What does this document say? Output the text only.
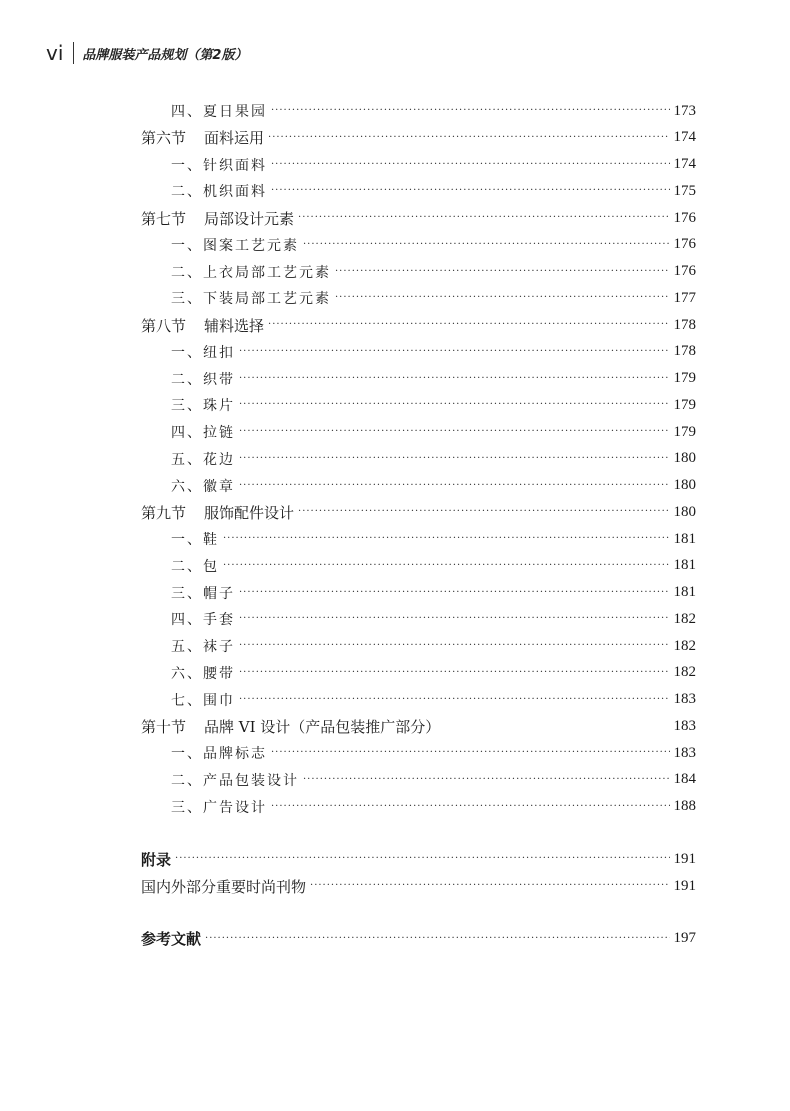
vi 品牌服装产品规划（第2版）
四、夏日果园 ·····	173
第六节 面料运用 ·····	174
一、针织面料 ·····	174
二、机织面料 ·····	175
第七节 局部设计元素 ·····	176
一、图案工艺元素 ·····	176
二、上衣局部工艺元素 ·····	176
三、下装局部工艺元素 ·····	177
第八节 辅料选择 ·····	178
一、纽扣 ·····	178
二、织带 ·····	179
三、珠片 ·····	179
四、拉链 ·····	179
五、花边 ·····	180
六、徽章 ·····	180
第九节 服饰配件设计 ·····	180
一、鞋 ·····	181
二、包 ·····	181
三、帽子 ·····	181
四、手套 ·····	182
五、袜子 ·····	182
六、腰带 ·····	182
七、围巾 ·····	183
第十节 品牌 VI 设计（产品包装推广部分）	183
一、品牌标志 ·····	183
二、产品包装设计 ·····	184
三、广告设计 ·····	188
附录 ·····	191
国内外部分重要时尚刊物 ·····	191
参考文献 ·····	197
